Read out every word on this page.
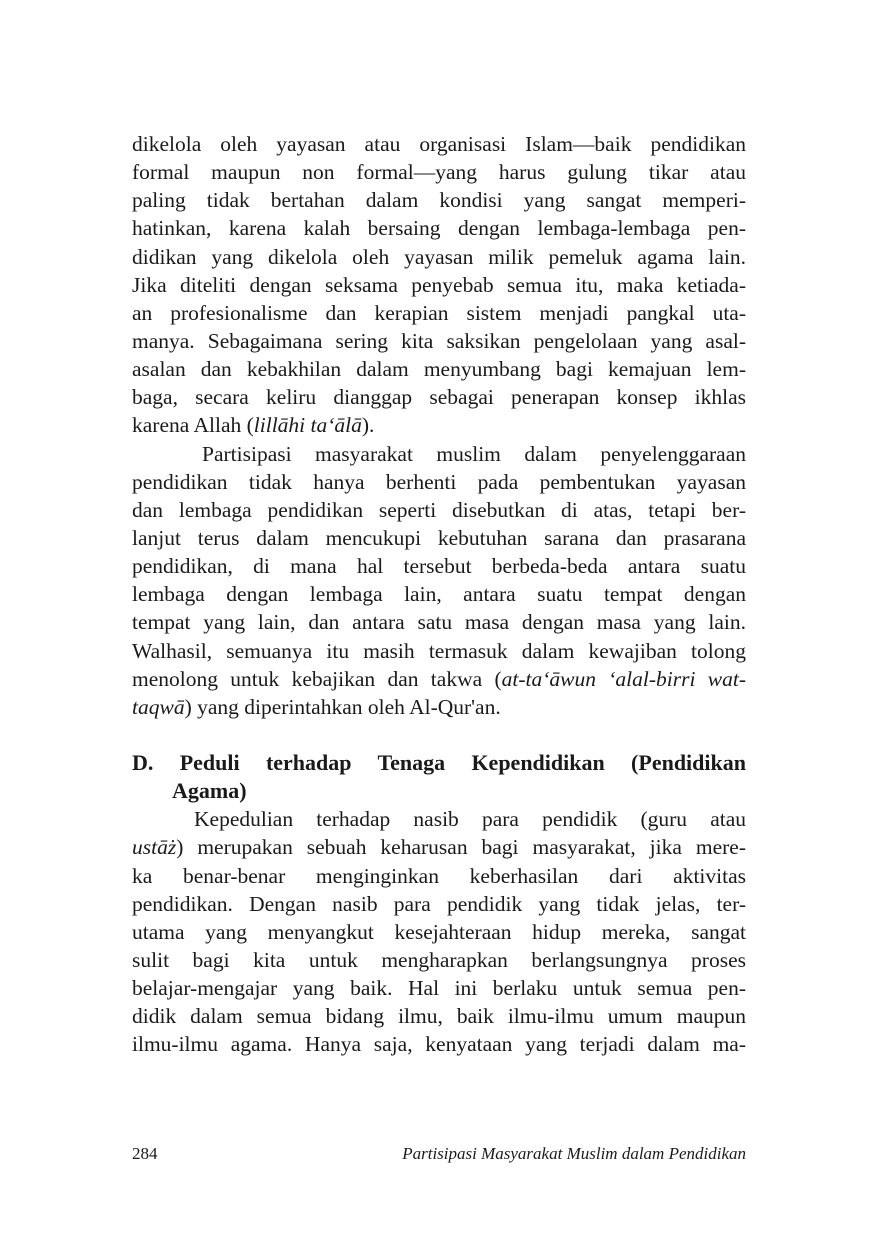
dikelola oleh yayasan atau organisasi Islam—baik pendidikan
formal maupun non formal—yang harus gulung tikar atau
paling tidak bertahan dalam kondisi yang sangat memperi-
hatinkan, karena kalah bersaing dengan lembaga-lembaga pen-
didikan yang dikelola oleh yayasan milik pemeluk agama lain.
Jika diteliti dengan seksama penyebab semua itu, maka ketiada-
an profesionalisme dan kerapian sistem menjadi pangkal uta-
manya. Sebagaimana sering kita saksikan pengelolaan yang asal-
asalan dan kebakhilan dalam menyumbang bagi kemajuan lem-
baga, secara keliru dianggap sebagai penerapan konsep ikhlas
karena Allah (lillāhi ta‘ālā).
Partisipasi masyarakat muslim dalam penyelenggaraan
pendidikan tidak hanya berhenti pada pembentukan yayasan
dan lembaga pendidikan seperti disebutkan di atas, tetapi ber-
lanjut terus dalam mencukupi kebutuhan sarana dan prasarana
pendidikan, di mana hal tersebut berbeda-beda antara suatu
lembaga dengan lembaga lain, antara suatu tempat dengan
tempat yang lain, dan antara satu masa dengan masa yang lain.
Walhasil, semuanya itu masih termasuk dalam kewajiban tolong
menolong untuk kebajikan dan takwa (at-ta‘āwun ‘alal-birri wat-
taqwā) yang diperintahkan oleh Al-Qur'an.
D. Peduli terhadap Tenaga Kependidikan (Pendidikan
Agama)
Kepedulian terhadap nasib para pendidik (guru atau
ustāż) merupakan sebuah keharusan bagi masyarakat, jika mere-
ka benar-benar menginginkan keberhasilan dari aktivitas
pendidikan. Dengan nasib para pendidik yang tidak jelas, ter-
utama yang menyangkut kesejahteraan hidup mereka, sangat
sulit bagi kita untuk mengharapkan berlangsungnya proses
belajar-mengajar yang baik. Hal ini berlaku untuk semua pen-
didik dalam semua bidang ilmu, baik ilmu-ilmu umum maupun
ilmu-ilmu agama. Hanya saja, kenyataan yang terjadi dalam ma-
284	Partisipasi Masyarakat Muslim dalam Pendidikan
